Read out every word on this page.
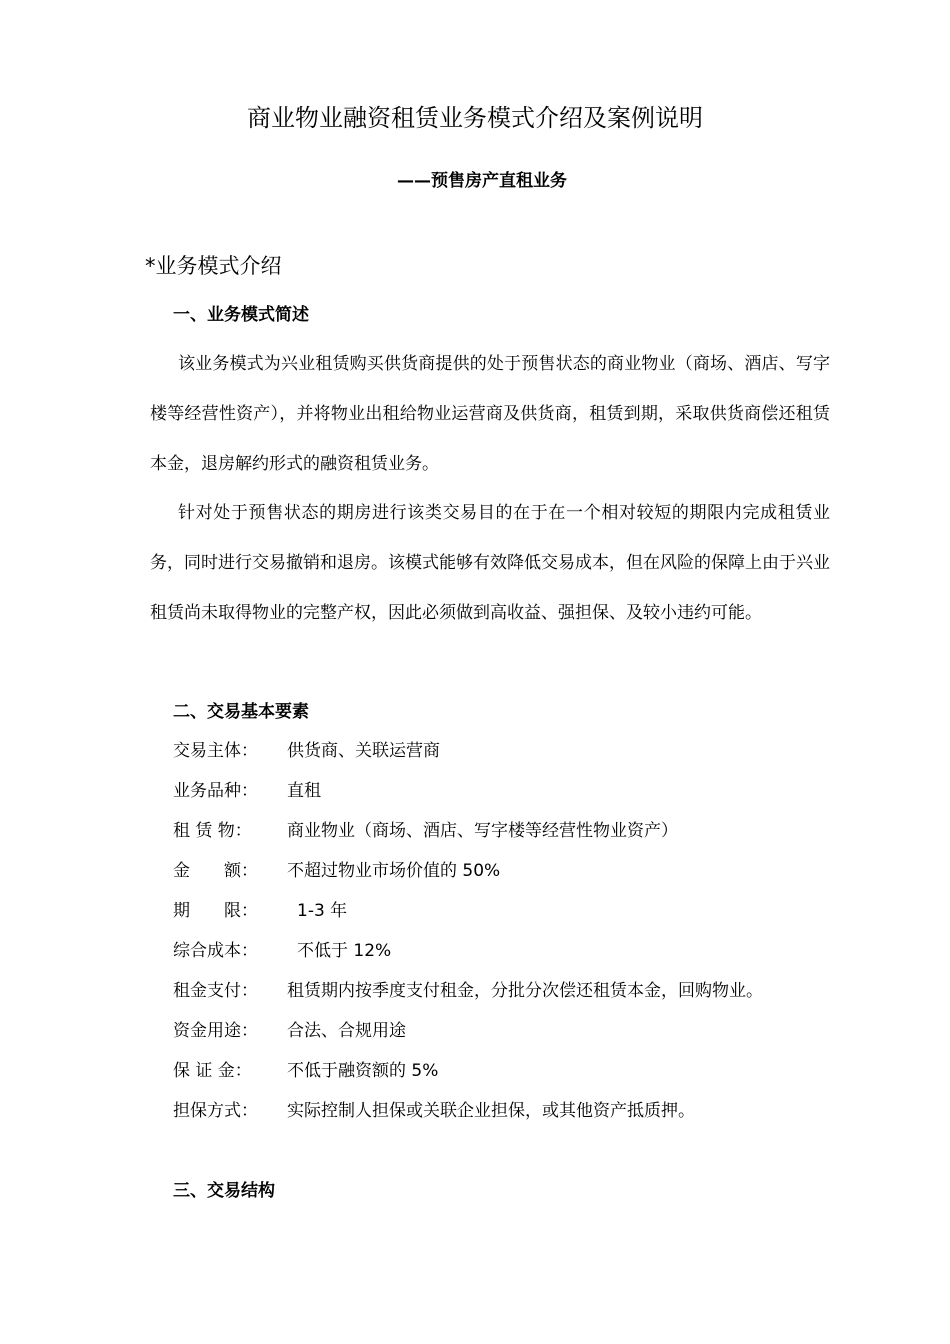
商业物业融资租赁业务模式介绍及案例说明
——预售房产直租业务
*业务模式介绍
一、业务模式简述
该业务模式为兴业租赁购买供货商提供的处于预售状态的商业物业（商场、酒店、写字楼等经营性资产），并将物业出租给物业运营商及供货商，租赁到期，采取供货商偿还租赁本金，退房解约形式的融资租赁业务。
针对处于预售状态的期房进行该类交易目的在于在一个相对较短的期限内完成租赁业务，同时进行交易撤销和退房。该模式能够有效降低交易成本，但在风险的保障上由于兴业租赁尚未取得物业的完整产权，因此必须做到高收益、强担保、及较小违约可能。
二、交易基本要素
交易主体：	供货商、关联运营商
业务品种：	直租
租 赁 物：	商业物业（商场、酒店、写字楼等经营性物业资产）
金　　额：	不超过物业市场价值的 50%
期　　限：	1-3 年
综合成本：	不低于 12%
租金支付：	租赁期内按季度支付租金，分批分次偿还租赁本金，回购物业。
资金用途：	合法、合规用途
保 证 金：	不低于融资额的 5%
担保方式：	实际控制人担保或关联企业担保，或其他资产抵质押。
三、交易结构
